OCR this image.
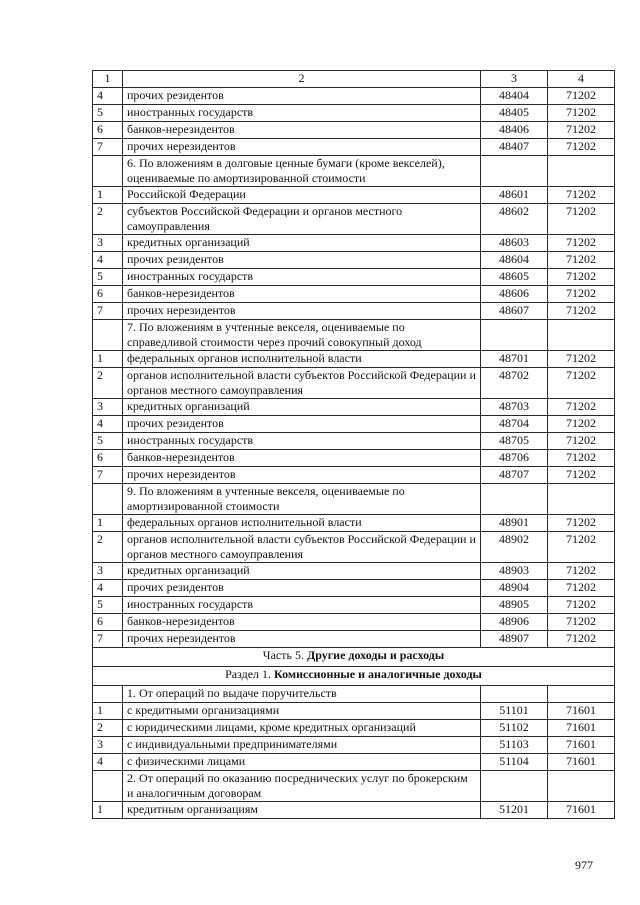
1	2	3	4
4	прочих резидентов	48404	71202
5	иностранных государств	48405	71202
6	банков-нерезидентов	48406	71202
7	прочих нерезидентов	48407	71202
	6. По вложениям в долговые ценные бумаги (кроме векселей), оцениваемые по амортизированной стоимости		
1	Российской Федерации	48601	71202
2	субъектов Российской Федерации и органов местного самоуправления	48602	71202
3	кредитных организаций	48603	71202
4	прочих резидентов	48604	71202
5	иностранных государств	48605	71202
6	банков-нерезидентов	48606	71202
7	прочих нерезидентов	48607	71202
	7. По вложениям в учтенные векселя, оцениваемые по справедливой стоимости через прочий совокупный доход		
1	федеральных органов исполнительной власти	48701	71202
2	органов исполнительной власти субъектов Российской Федерации и органов местного самоуправления	48702	71202
3	кредитных организаций	48703	71202
4	прочих резидентов	48704	71202
5	иностранных государств	48705	71202
6	банков-нерезидентов	48706	71202
7	прочих нерезидентов	48707	71202
	9. По вложениям в учтенные векселя, оцениваемые по амортизированной стоимости		
1	федеральных органов исполнительной власти	48901	71202
2	органов исполнительной власти субъектов Российской Федерации и органов местного самоуправления	48902	71202
3	кредитных организаций	48903	71202
4	прочих резидентов	48904	71202
5	иностранных государств	48905	71202
6	банков-нерезидентов	48906	71202
7	прочих нерезидентов	48907	71202
Часть 5. Другие доходы и расходы			
Раздел 1. Комиссионные и аналогичные доходы			
	1. От операций по выдаче поручительств		
1	с кредитными организациями	51101	71601
2	с юридическими лицами, кроме кредитных организаций	51102	71601
3	с индивидуальными предпринимателями	51103	71601
4	с физическими лицами	51104	71601
	2. От операций по оказанию посреднических услуг по брокерским и аналогичным договорам		
1	кредитным организациям	51201	71601
977
